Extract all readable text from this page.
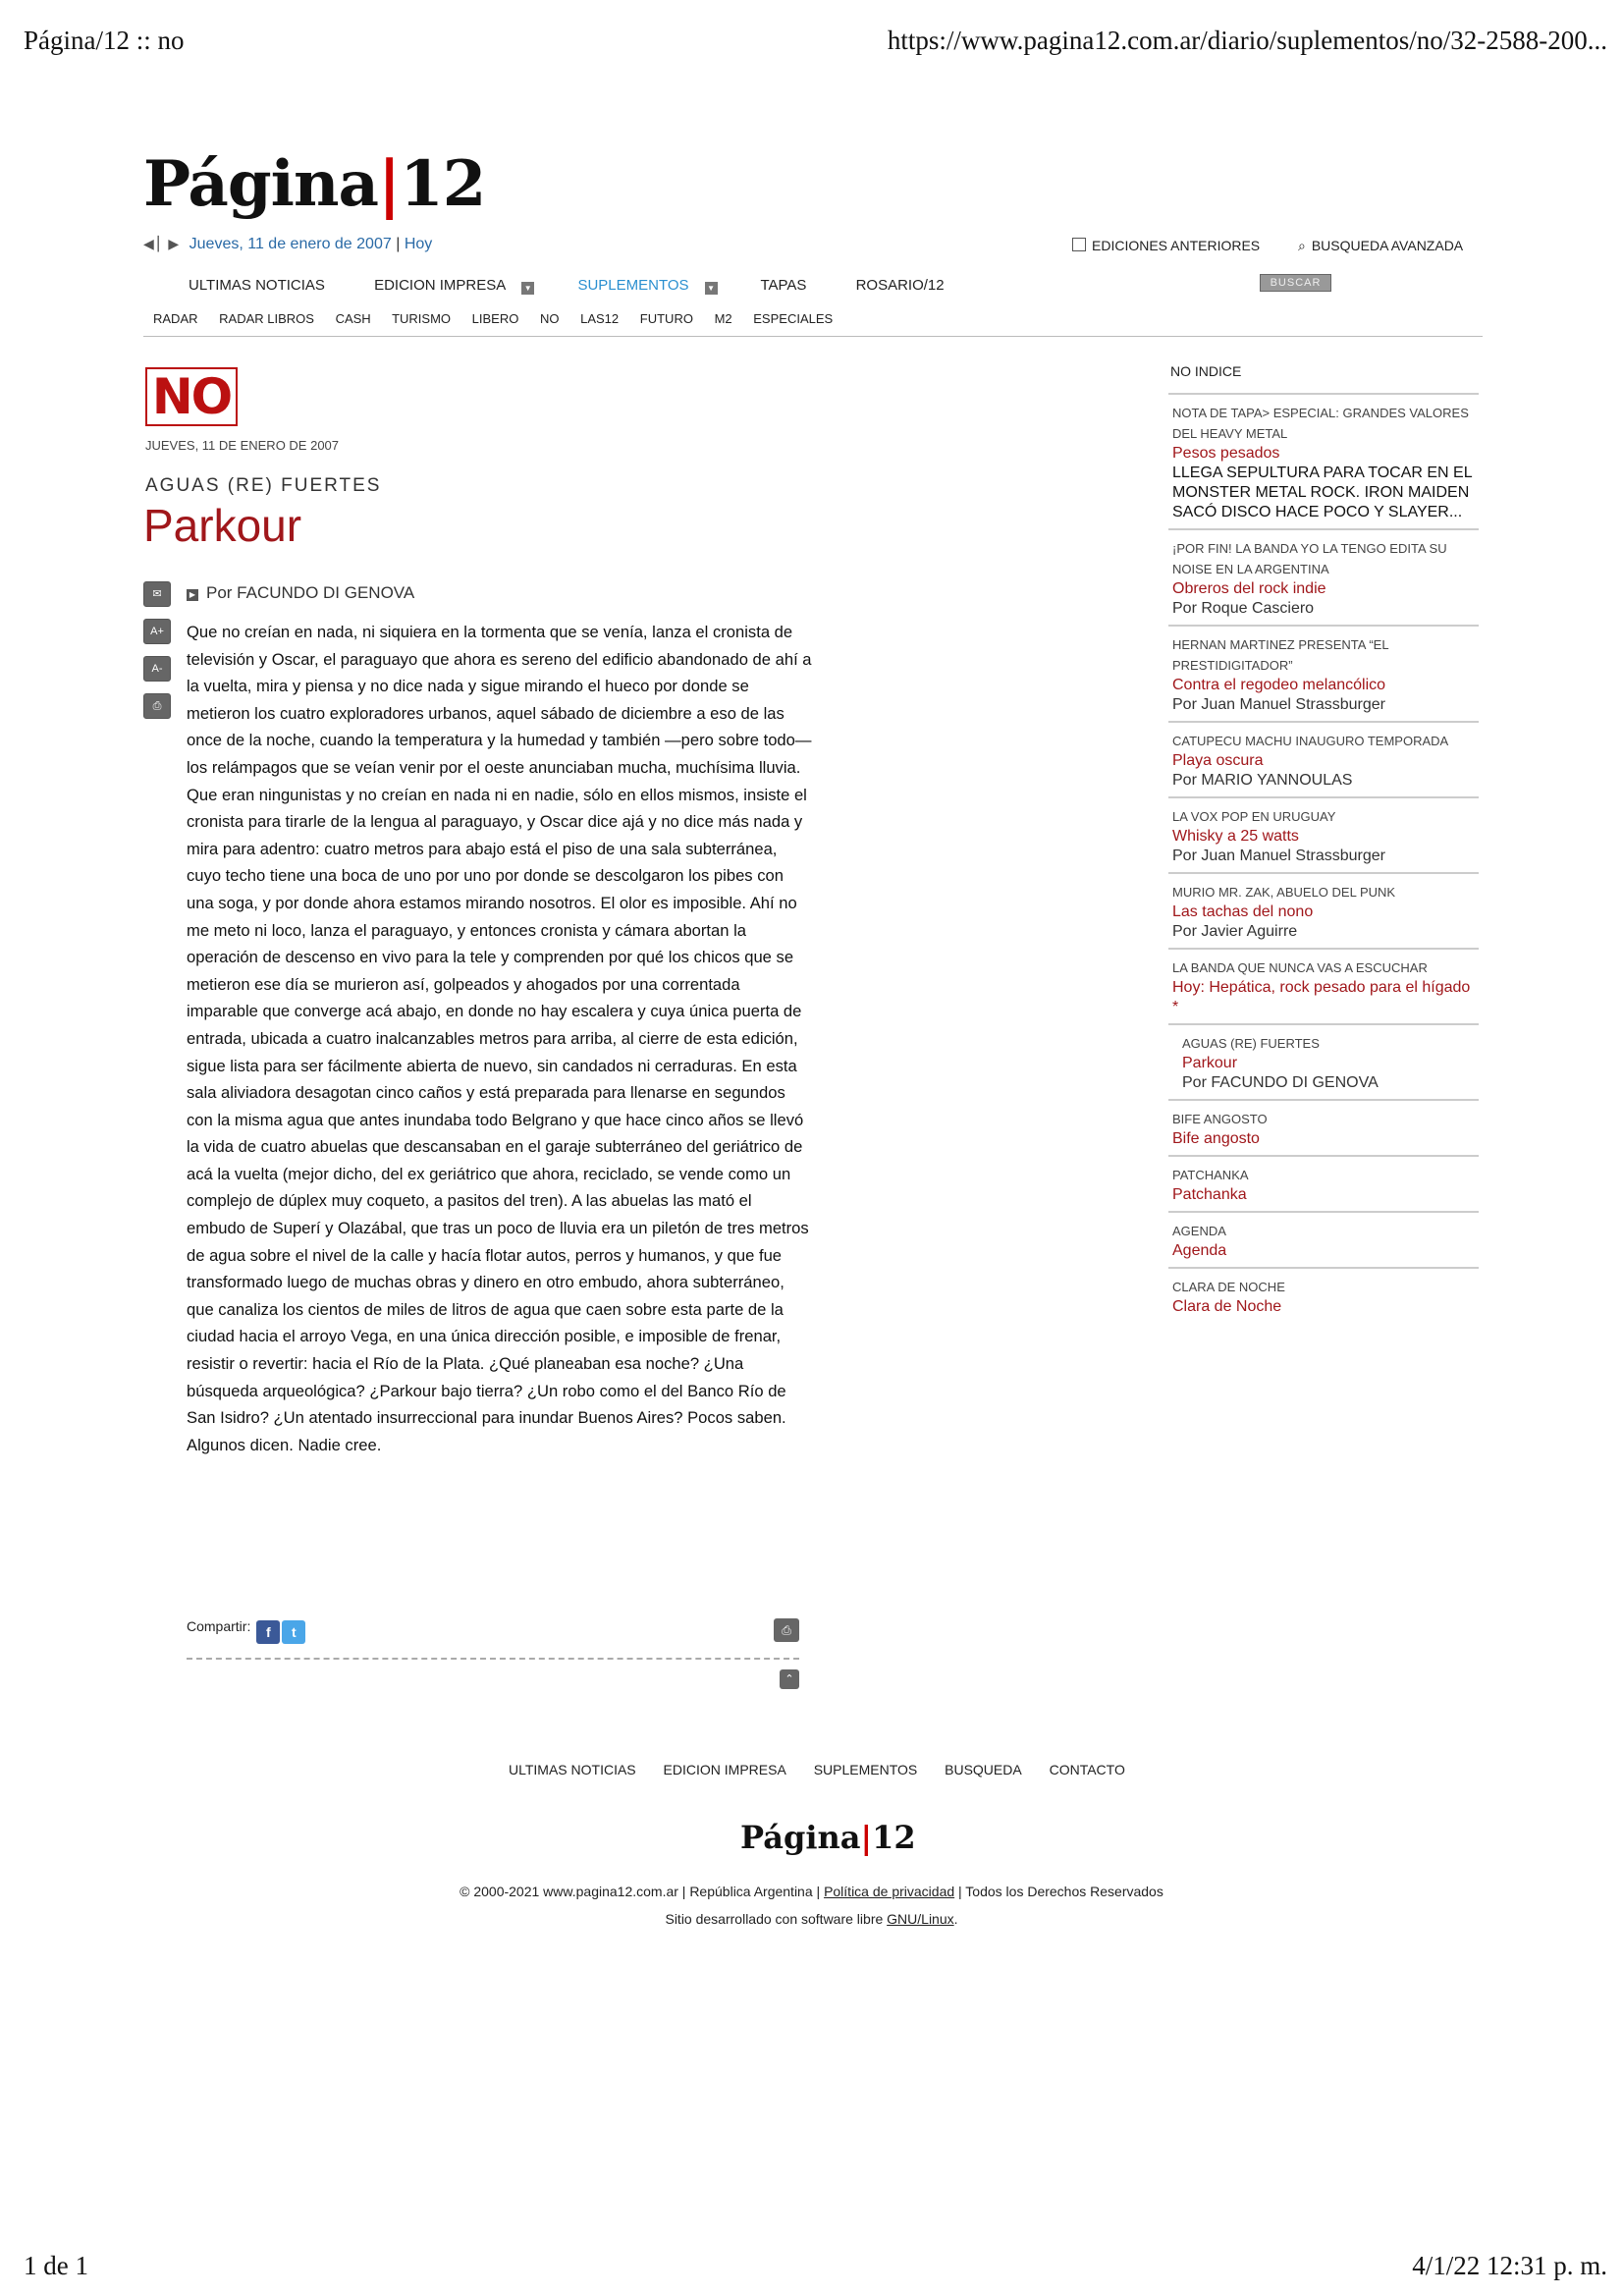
Página/12 :: no	https://www.pagina12.com.ar/diario/suplementos/no/32-2588-200...
Página|12
◀ ▏▶ Jueves, 11 de enero de 2007 | Hoy	EDICIONES ANTERIORES	⌕ BUSQUEDA AVANZADA
ULTIMAS NOTICIAS	EDICION IMPRESA ▼	SUPLEMENTOS ▼	TAPAS	ROSARIO/12	BUSCAR
RADAR RADAR LIBROS CASH TURISMO LIBERO NO LAS12 FUTURO M2 ESPECIALES
NO
JUEVES, 11 DE ENERO DE 2007
AGUAS (RE) FUERTES
Parkour
✉
A+
A-
⎙
▶ Por FACUNDO DI GENOVA
Que no creían en nada, ni siquiera en la tormenta que se venía, lanza el cronista de televisión y Oscar, el paraguayo que ahora es sereno del edificio abandonado de ahí a la vuelta, mira y piensa y no dice nada y sigue mirando el hueco por donde se metieron los cuatro exploradores urbanos, aquel sábado de diciembre a eso de las once de la noche, cuando la temperatura y la humedad y también —pero sobre todo— los relámpagos que se veían venir por el oeste anunciaban mucha, muchísima lluvia. Que eran ningunistas y no creían en nada ni en nadie, sólo en ellos mismos, insiste el cronista para tirarle de la lengua al paraguayo, y Oscar dice ajá y no dice más nada y mira para adentro: cuatro metros para abajo está el piso de una sala subterránea, cuyo techo tiene una boca de uno por uno por donde se descolgaron los pibes con una soga, y por donde ahora estamos mirando nosotros. El olor es imposible. Ahí no me meto ni loco, lanza el paraguayo, y entonces cronista y cámara abortan la operación de descenso en vivo para la tele y comprenden por qué los chicos que se metieron ese día se murieron así, golpeados y ahogados por una correntada imparable que converge acá abajo, en donde no hay escalera y cuya única puerta de entrada, ubicada a cuatro inalcanzables metros para arriba, al cierre de esta edición, sigue lista para ser fácilmente abierta de nuevo, sin candados ni cerraduras. En esta sala aliviadora desagotan cinco caños y está preparada para llenarse en segundos con la misma agua que antes inundaba todo Belgrano y que hace cinco años se llevó la vida de cuatro abuelas que descansaban en el garaje subterráneo del geriátrico de acá la vuelta (mejor dicho, del ex geriátrico que ahora, reciclado, se vende como un complejo de dúplex muy coqueto, a pasitos del tren). A las abuelas las mató el embudo de Superí y Olazábal, que tras un poco de lluvia era un piletón de tres metros de agua sobre el nivel de la calle y hacía flotar autos, perros y humanos, y que fue transformado luego de muchas obras y dinero en otro embudo, ahora subterráneo, que canaliza los cientos de miles de litros de agua que caen sobre esta parte de la ciudad hacia el arroyo Vega, en una única dirección posible, e imposible de frenar, resistir o revertir: hacia el Río de la Plata. ¿Qué planeaban esa noche? ¿Una búsqueda arqueológica? ¿Parkour bajo tierra? ¿Un robo como el del Banco Río de San Isidro? ¿Un atentado insurreccional para inundar Buenos Aires? Pocos saben. Algunos dicen. Nadie cree.
Compartir: f t	⎙
⌃
NO INDICE
NOTA DE TAPA> ESPECIAL: GRANDES VALORES DEL HEAVY METAL
Pesos pesados
LLEGA SEPULTURA PARA TOCAR EN EL MONSTER METAL ROCK. IRON MAIDEN SACÓ DISCO HACE POCO Y SLAYER...
¡POR FIN! LA BANDA YO LA TENGO EDITA SU NOISE EN LA ARGENTINA
Obreros del rock indie
Por Roque Casciero
HERNAN MARTINEZ PRESENTA “EL PRESTIDIGITADOR”
Contra el regodeo melancólico
Por Juan Manuel Strassburger
CATUPECU MACHU INAUGURO TEMPORADA
Playa oscura
Por MARIO YANNOULAS
LA VOX POP EN URUGUAY
Whisky a 25 watts
Por Juan Manuel Strassburger
MURIO MR. ZAK, ABUELO DEL PUNK
Las tachas del nono
Por Javier Aguirre
LA BANDA QUE NUNCA VAS A ESCUCHAR
Hoy: Hepática, rock pesado para el hígado *
AGUAS (RE) FUERTES
Parkour
Por FACUNDO DI GENOVA
BIFE ANGOSTO
Bife angosto
PATCHANKA
Patchanka
AGENDA
Agenda
CLARA DE NOCHE
Clara de Noche
ULTIMAS NOTICIAS EDICION IMPRESA SUPLEMENTOS BUSQUEDA CONTACTO
Página|12
© 2000-2021 www.pagina12.com.ar | República Argentina | Política de privacidad | Todos los Derechos Reservados
Sitio desarrollado con software libre GNU/Linux.
1 de 1	4/1/22 12:31 p. m.
